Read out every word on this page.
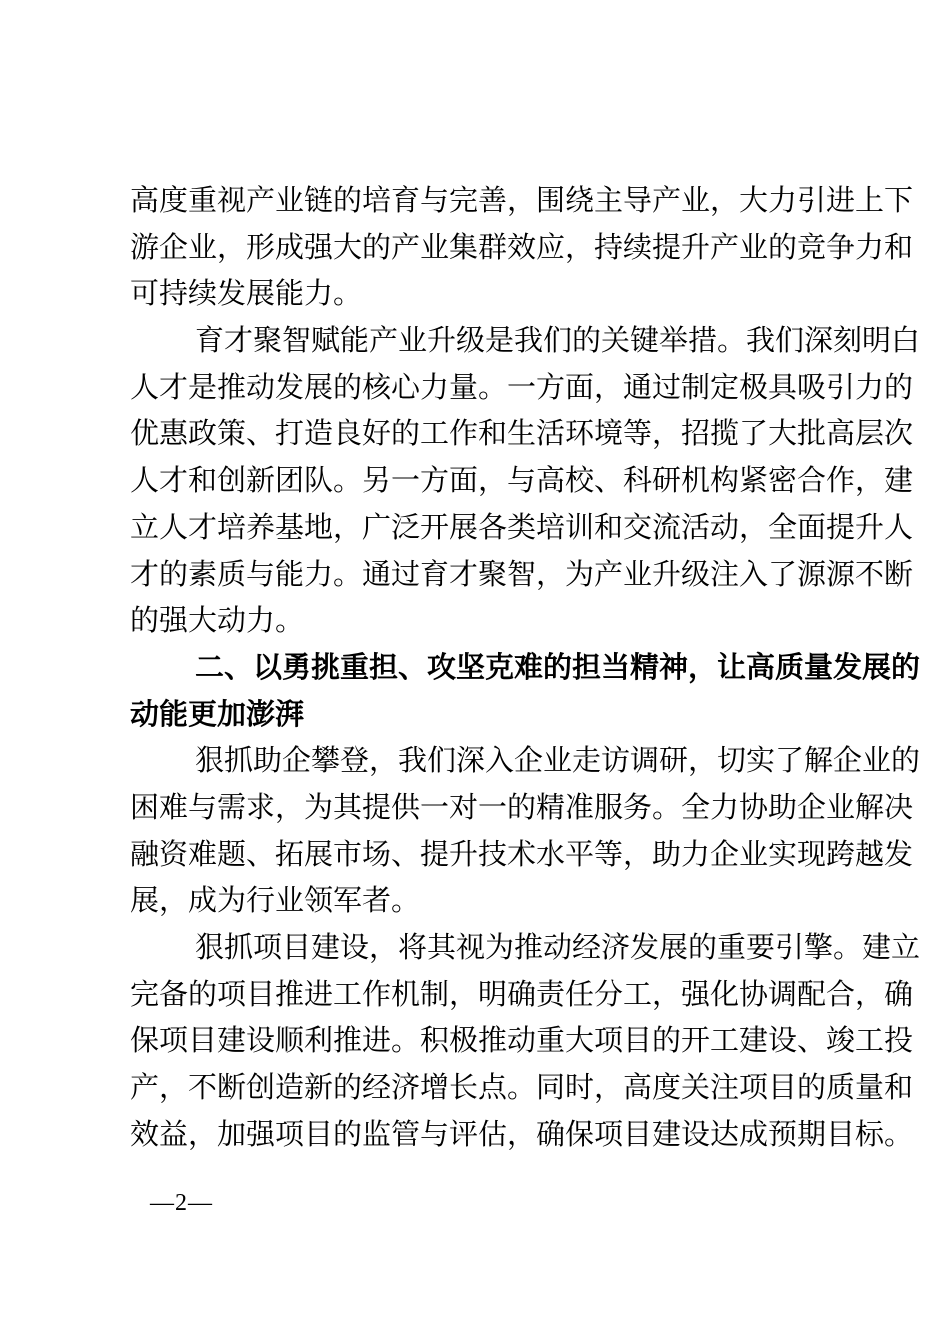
高度重视产业链的培育与完善，围绕主导产业，大力引进上下
游企业，形成强大的产业集群效应，持续提升产业的竞争力和
可持续发展能力。
育才聚智赋能产业升级是我们的关键举措。我们深刻明白
人才是推动发展的核心力量。一方面，通过制定极具吸引力的
优惠政策、打造良好的工作和生活环境等，招揽了大批高层次
人才和创新团队。另一方面，与高校、科研机构紧密合作，建
立人才培养基地，广泛开展各类培训和交流活动，全面提升人
才的素质与能力。通过育才聚智，为产业升级注入了源源不断
的强大动力。
二、以勇挑重担、攻坚克难的担当精神，让高质量发展的
动能更加澎湃
狠抓助企攀登，我们深入企业走访调研，切实了解企业的
困难与需求，为其提供一对一的精准服务。全力协助企业解决
融资难题、拓展市场、提升技术水平等，助力企业实现跨越发
展，成为行业领军者。
狠抓项目建设，将其视为推动经济发展的重要引擎。建立
完备的项目推进工作机制，明确责任分工，强化协调配合，确
保项目建设顺利推进。积极推动重大项目的开工建设、竣工投
产，不断创造新的经济增长点。同时，高度关注项目的质量和
效益，加强项目的监管与评估，确保项目建设达成预期目标。
—2—
